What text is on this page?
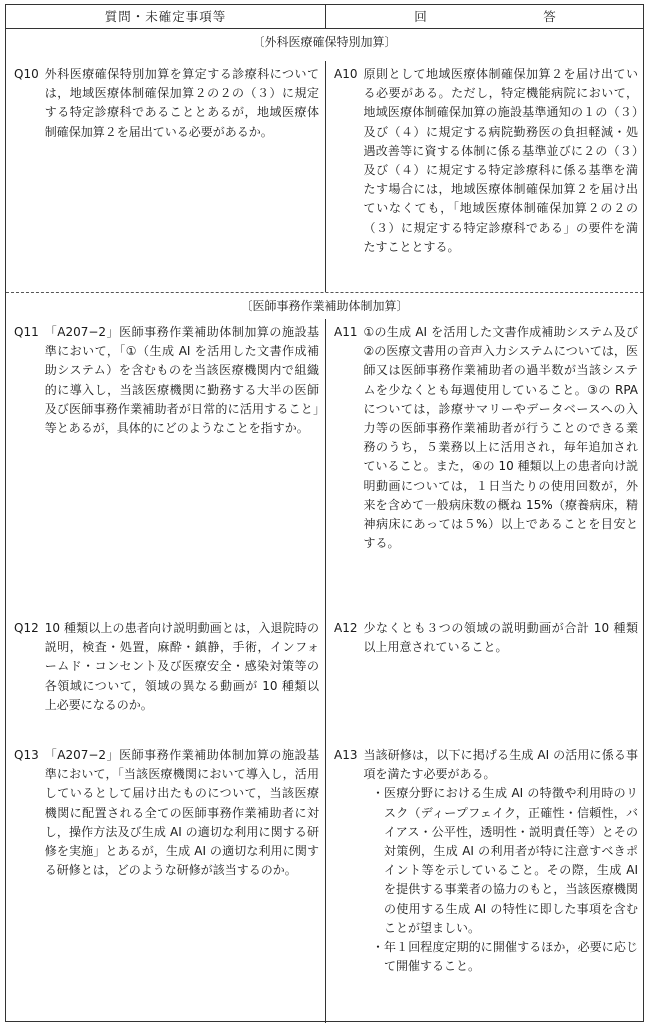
質問・未確定事項等	回　答
〔外科医療確保特別加算〕
Q10 外科医療確保特別加算を算定する診療科については，地域医療体制確保加算２の２の（３）に規定する特定診療科であることとあるが，地域医療体制確保加算２を届出ている必要があるか。
A10 原則として地域医療体制確保加算２を届け出ている必要がある。ただし，特定機能病院において，地域医療体制確保加算の施設基準通知の１の（３）及び（４）に規定する病院勤務医の負担軽減・処遇改善等に資する体制に係る基準並びに２の（３）及び（４）に規定する特定診療科に係る基準を満たす場合には，地域医療体制確保加算２を届け出ていなくても，「地域医療体制確保加算２の２の（３）に規定する特定診療科である」の要件を満たすこととする。
〔医師事務作業補助体制加算〕
Q11 「A207−2」医師事務作業補助体制加算の施設基準において，「①（生成 AI を活用した文書作成補助システム）を含むものを当該医療機関内で組織的に導入し，当該医療機関に勤務する大半の医師及び医師事務作業補助者が日常的に活用すること」等とあるが，具体的にどのようなことを指すか。
A11 ①の生成 AI を活用した文書作成補助システム及び②の医療文書用の音声入力システムについては，医師又は医師事務作業補助者の過半数が当該システムを少なくとも毎週使用していること。③の RPA については，診療サマリーやデータベースへの入力等の医師事務作業補助者が行うことのできる業務のうち，５業務以上に活用され，毎年追加されていること。また，④の 10 種類以上の患者向け説明動画については，１日当たりの使用回数が，外来を含めて一般病床数の概ね 15%（療養病床，精神病床にあっては５%）以上であることを目安とする。
Q12 10 種類以上の患者向け説明動画とは，入退院時の説明，検査・処置，麻酔・鎮静，手術，インフォームド・コンセント及び医療安全・感染対策等の各領域について，領域の異なる動画が 10 種類以上必要になるのか。
A12 少なくとも３つの領域の説明動画が合計 10 種類以上用意されていること。
Q13 「A207−2」医師事務作業補助体制加算の施設基準において，「当該医療機関において導入し，活用しているとして届け出たものについて，当該医療機関に配置される全ての医師事務作業補助者に対し，操作方法及び生成 AI の適切な利用に関する研修を実施」とあるが，生成 AI の適切な利用に関する研修とは，どのような研修が該当するのか。
A13 当該研修は，以下に掲げる生成 AI の活用に係る事項を満たす必要がある。
・ 医療分野における生成 AI の特徴や利用時のリスク（ディープフェイク，正確性・信頼性，バイアス・公平性，透明性・説明責任等）とその対策例，生成 AI の利用者が特に注意すべきポイント等を示していること。その際，生成 AI を提供する事業者の協力のもと，当該医療機関の使用する生成 AI の特性に即した事項を含むことが望ましい。
・ 年１回程度定期的に開催するほか，必要に応じて開催すること。
